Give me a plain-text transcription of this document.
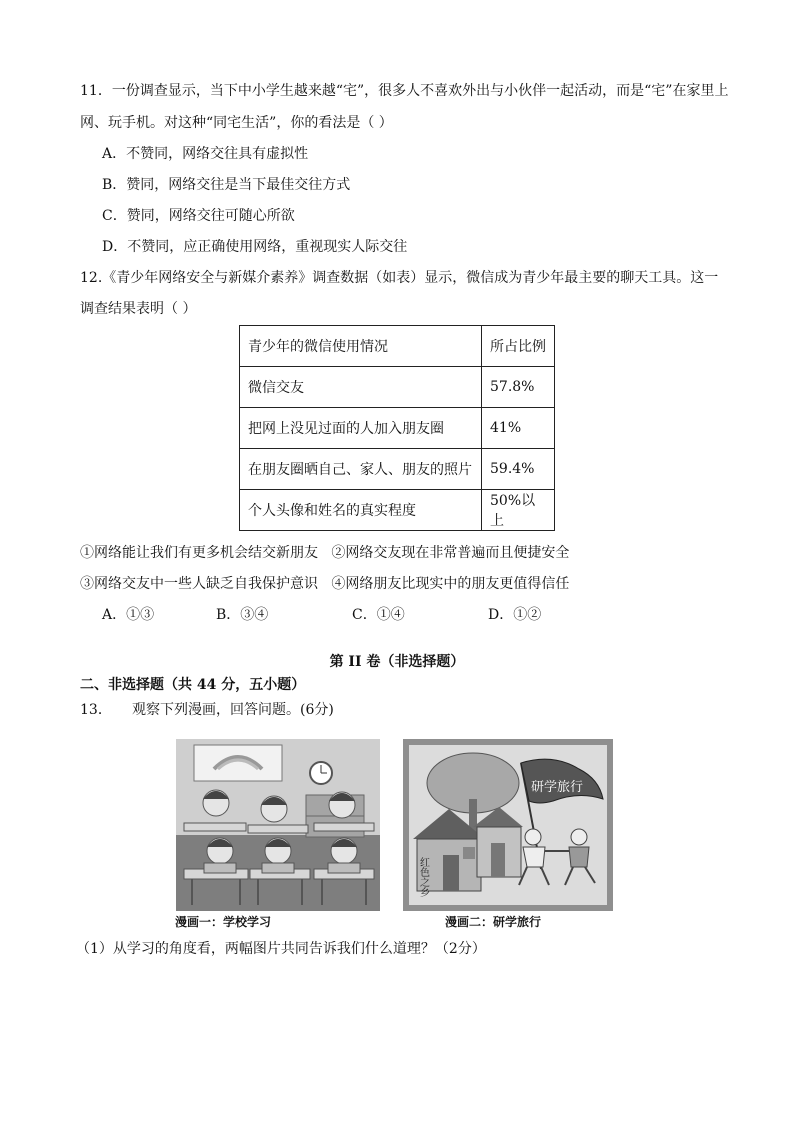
11．一份调查显示，当下中小学生越来越“宅”，很多人不喜欢外出与小伙伴一起活动，而是“宅”在家里上
网、玩手机。对这种“同宅生活”，你的看法是（ ）
A．不赞同，网络交往具有虚拟性
B．赞同，网络交往是当下最佳交往方式
C．赞同，网络交往可随心所欲
D．不赞同，应正确使用网络，重视现实人际交往
12.《青少年网络安全与新媒介素养》调查数据（如表）显示，微信成为青少年最主要的聊天工具。这一
调查结果表明（ ）
青少年的微信使用情况	所占比例
微信交友	57.8%
把网上没见过面的人加入朋友圈	41%
在朋友圈晒自己、家人、朋友的照片	59.4%
个人头像和姓名的真实程度	50%以上
①网络能让我们有更多机会结交新朋友   ②网络交友现在非常普遍而且便捷安全
③网络交友中一些人缺乏自我保护意识   ④网络朋友比现实中的朋友更值得信任
A．①③	B．③④	C．①④	D．①②
第 II 卷（非选择题）
二、非选择题（共 44 分，五小题）
13． 观察下列漫画，回答问题。(6分)
红色之乡
研学旅行
漫画一：学校学习	漫画二：研学旅行
（1）从学习的角度看，两幅图片共同告诉我们什么道理？（2分）
